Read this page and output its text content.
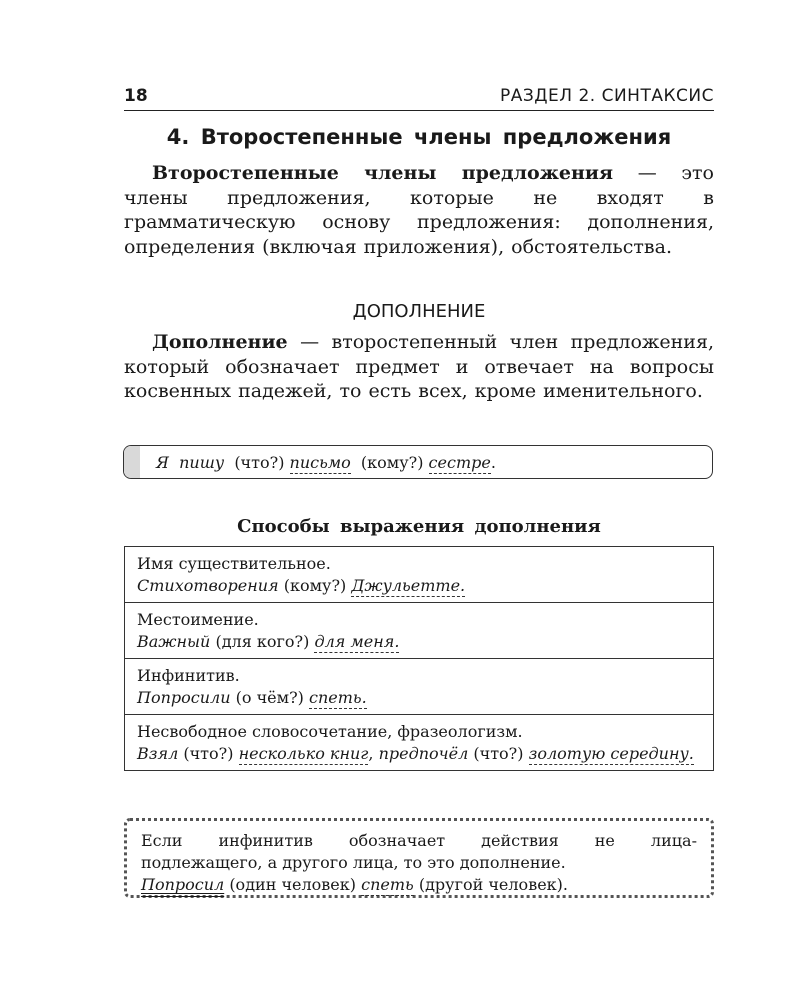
18	РАЗДЕЛ 2. СИНТАКСИС
4. Второстепенные члены предложения
Второстепенные члены предложения — это члены предложения, которые не входят в грамматическую основу предложения: дополнения, определения (включая приложения), обстоятельства.
ДОПОЛНЕНИЕ
Дополнение — второстепенный член предложения, который обозначает предмет и отвечает на вопросы косвенных падежей, то есть всех, кроме именительного.
Я пишу (что?) письмо (кому?) сестре.
Способы выражения дополнения
Имя существительное.
Стихотворения (кому?) Джульетте.
Местоимение.
Важный (для кого?) для меня.
Инфинитив.
Попросили (о чём?) спеть.
Несвободное словосочетание, фразеологизм.
Взял (что?) несколько книг, предпочёл (что?) золотую середину.
Если инфинитив обозначает действия не лица-
подлежащего, а другого лица, то это дополнение.
Попросил (один человек) спеть (другой человек).
